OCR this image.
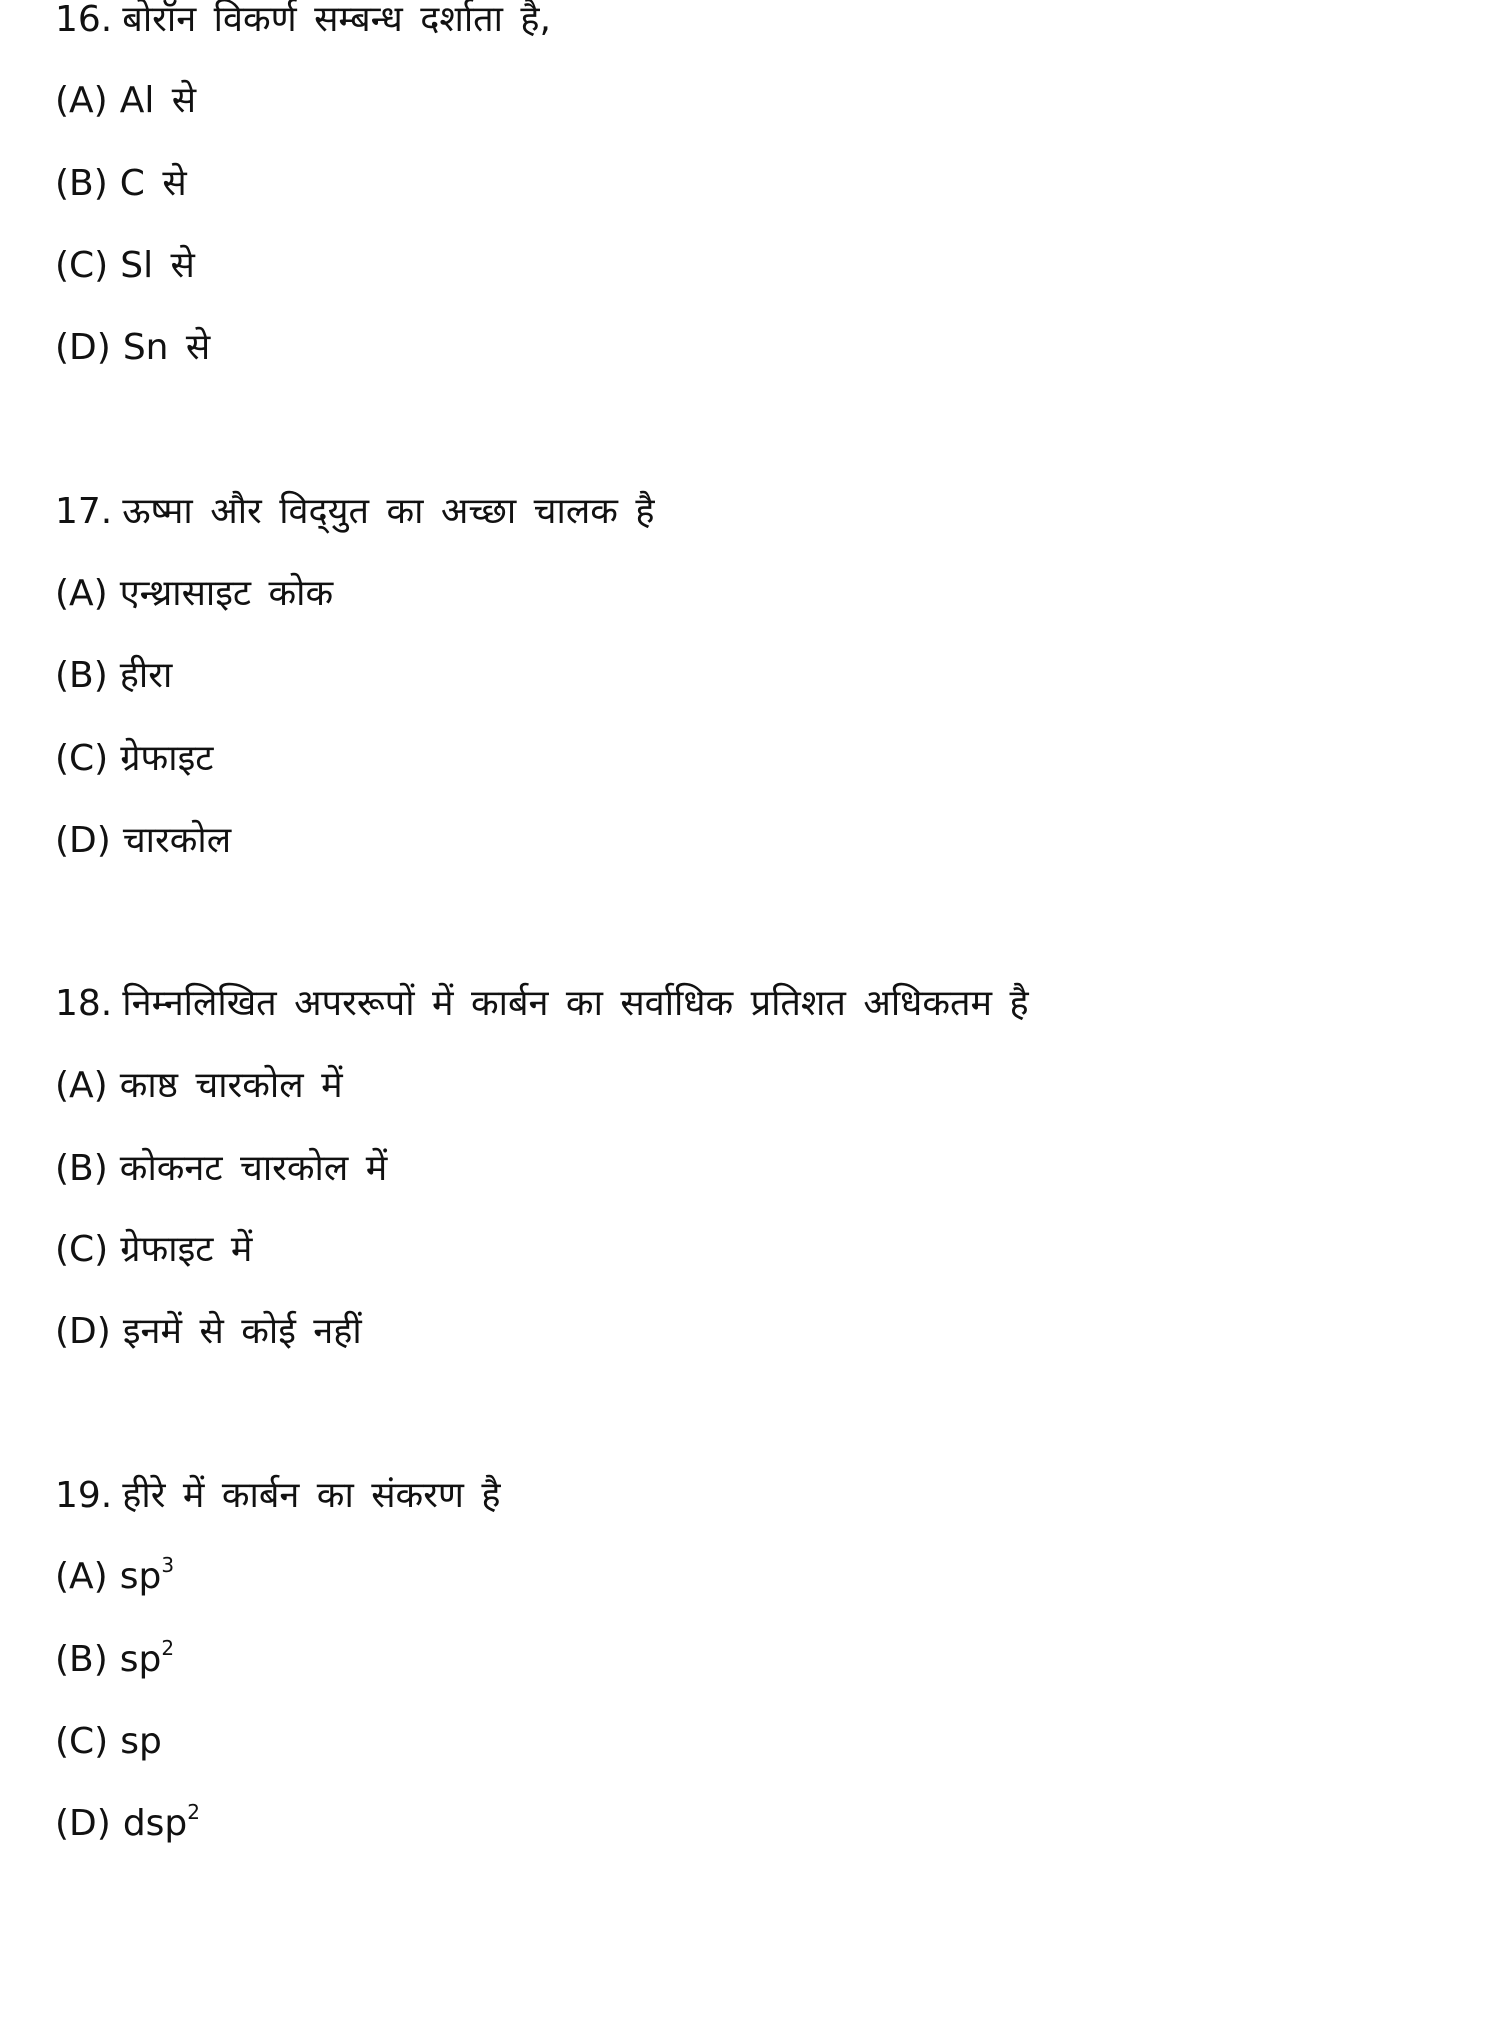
16. बोरॉन विकर्ण सम्बन्ध दर्शाता है,
(A) Al से
(B) C से
(C) Sl से
(D) Sn से
17. ऊष्मा और विद्‌युत का अच्छा चालक है
(A) एन्थ्रासाइट कोक
(B) हीरा
(C) ग्रेफाइट
(D) चारकोल
18. निम्नलिखित अपररूपों में कार्बन का सर्वाधिक प्रतिशत अधिकतम है
(A) काष्ठ चारकोल में
(B) कोकनट चारकोल में
(C) ग्रेफाइट में
(D) इनमें से कोई नहीं
19. हीरे में कार्बन का संकरण है
(A) $sp^3$
(B) $sp^2$
(C) sp
(D) dsp$^2$
